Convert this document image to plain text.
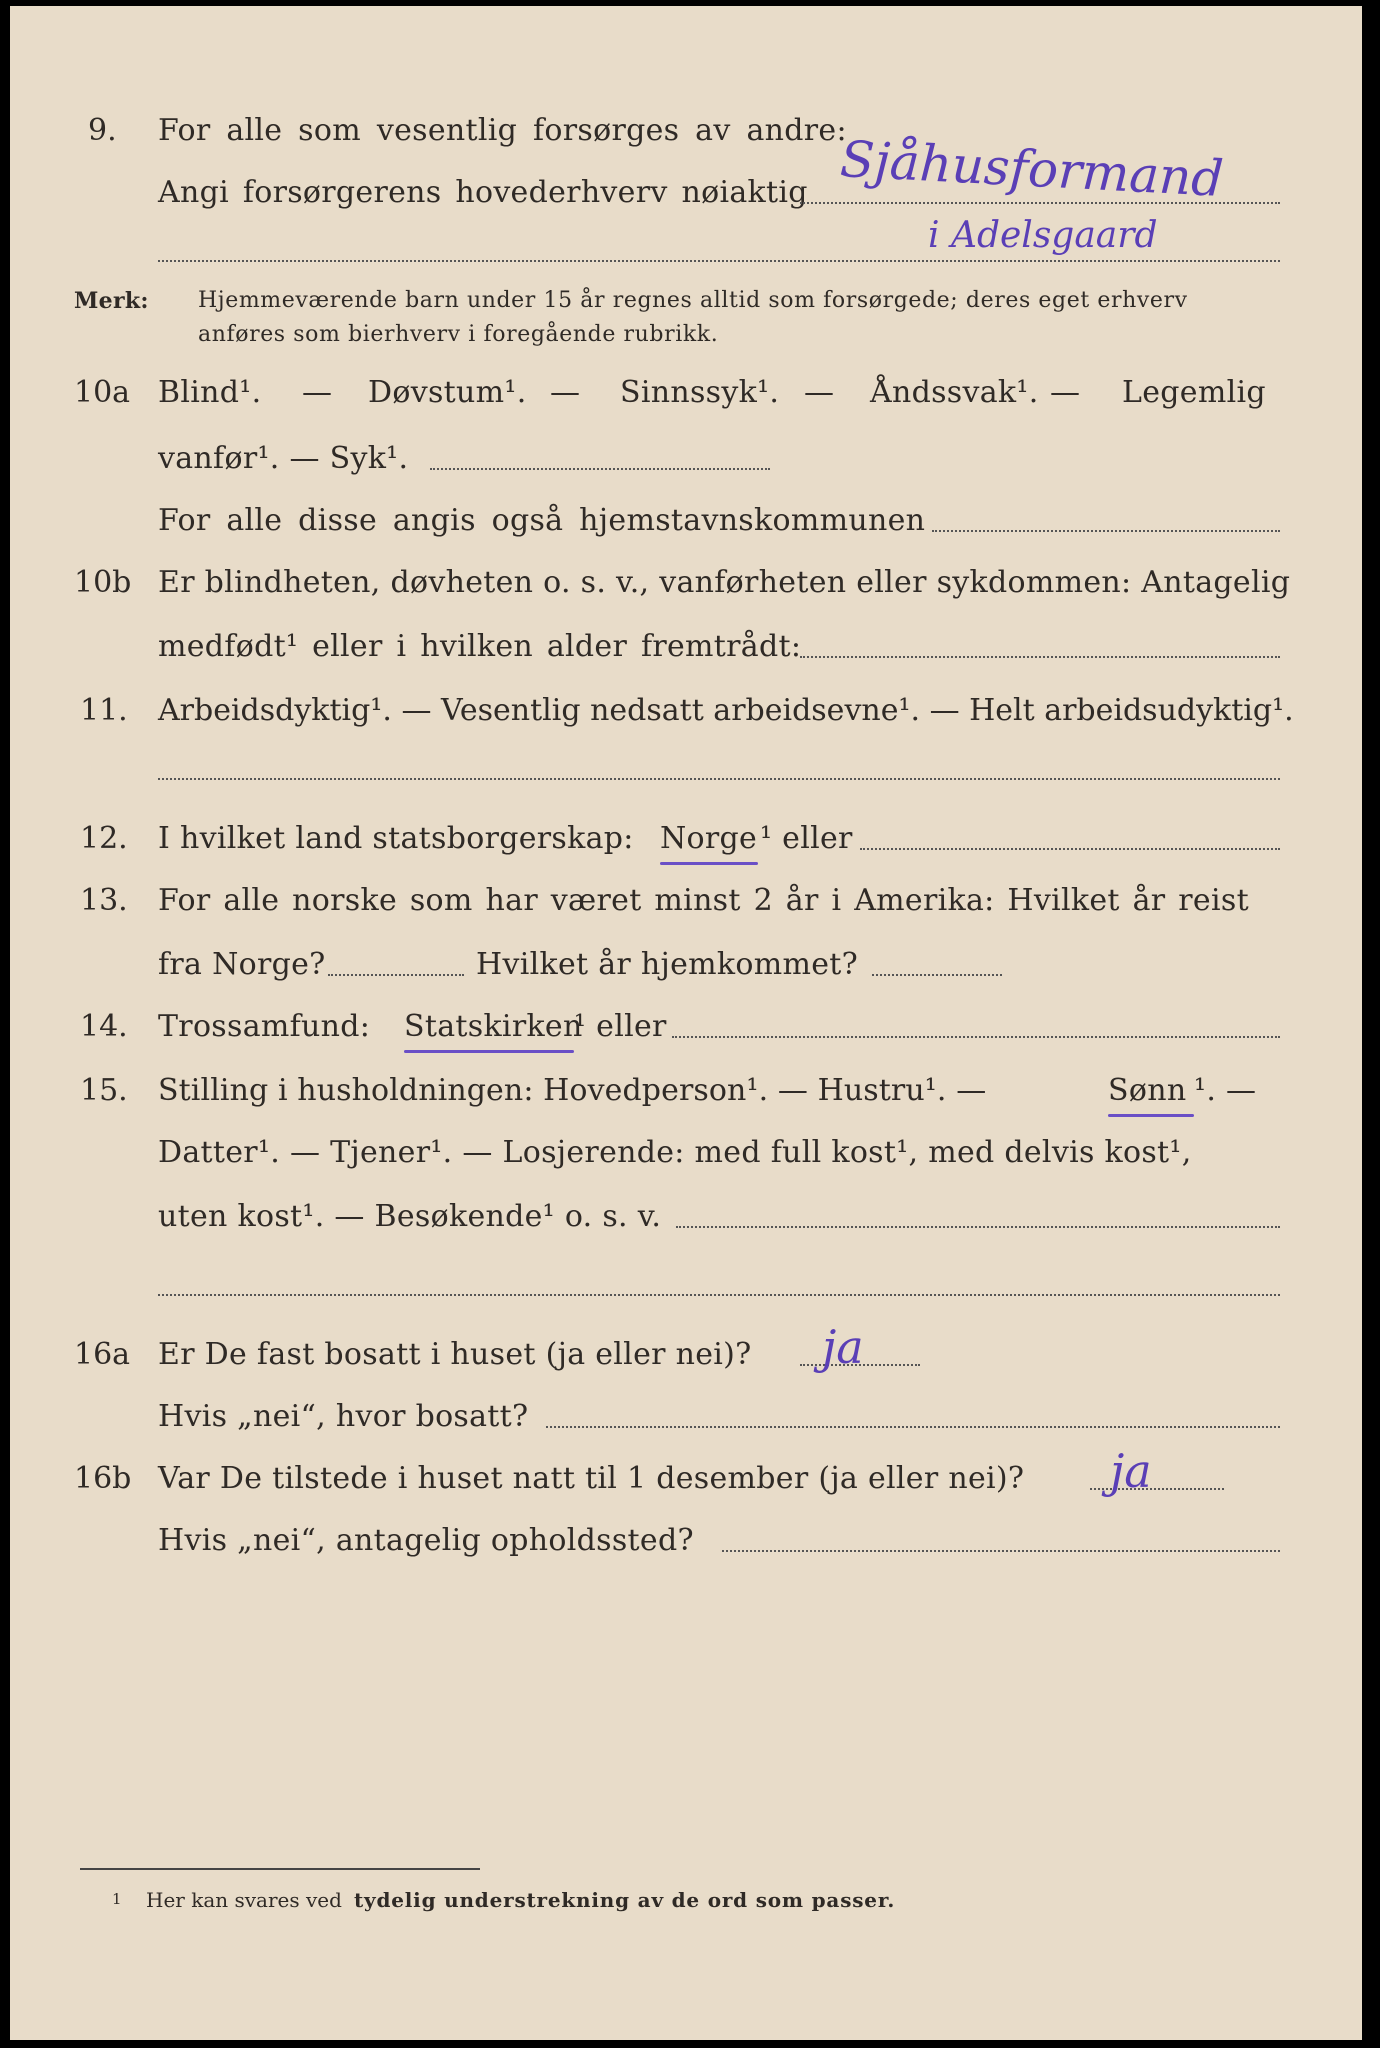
9. For alle som vesentlig forsørges av andre:
Angi forsørgerens hovederhverv nøiaktig Sjåhusformand
i Adelsgaard
Merk: Hjemmeværende barn under 15 år regnes alltid som forsørgede; deres eget erhverv
anføres som bierhverv i foregående rubrikk.
10a Blind¹. — Døvstum¹. — Sinnssyk¹. — Åndssvak¹. — Legemlig
vanfør¹. — Syk¹.
For alle disse angis også hjemstavnskommunen
10b Er blindheten, døvheten o. s. v., vanførheten eller sykdommen: Antagelig
medfødt¹ eller i hvilken alder fremtrådt:
11. Arbeidsdyktig¹. — Vesentlig nedsatt arbeidsevne¹. — Helt arbeidsudyktig¹.
12. I hvilket land statsborgerskap: Norge ¹ eller
13. For alle norske som har været minst 2 år i Amerika: Hvilket år reist
fra Norge?	Hvilket år hjemkommet?
14. Trossamfund: Statskirken
¹ eller
15. Stilling i husholdningen: Hovedperson¹. — Hustru¹. —	Sønn ¹. —
Datter¹. — Tjener¹. — Losjerende: med full kost¹, med delvis kost¹,
uten kost¹. — Besøkende¹ o. s. v.
16a Er De fast bosatt i huset (ja eller nei)? ja
Hvis „nei“, hvor bosatt?
16b Var De tilstede i huset natt til 1 desember (ja eller nei)? ja
Hvis „nei“, antagelig opholdssted?
1 Her kan svares ved tydelig understrekning av de ord som passer.
